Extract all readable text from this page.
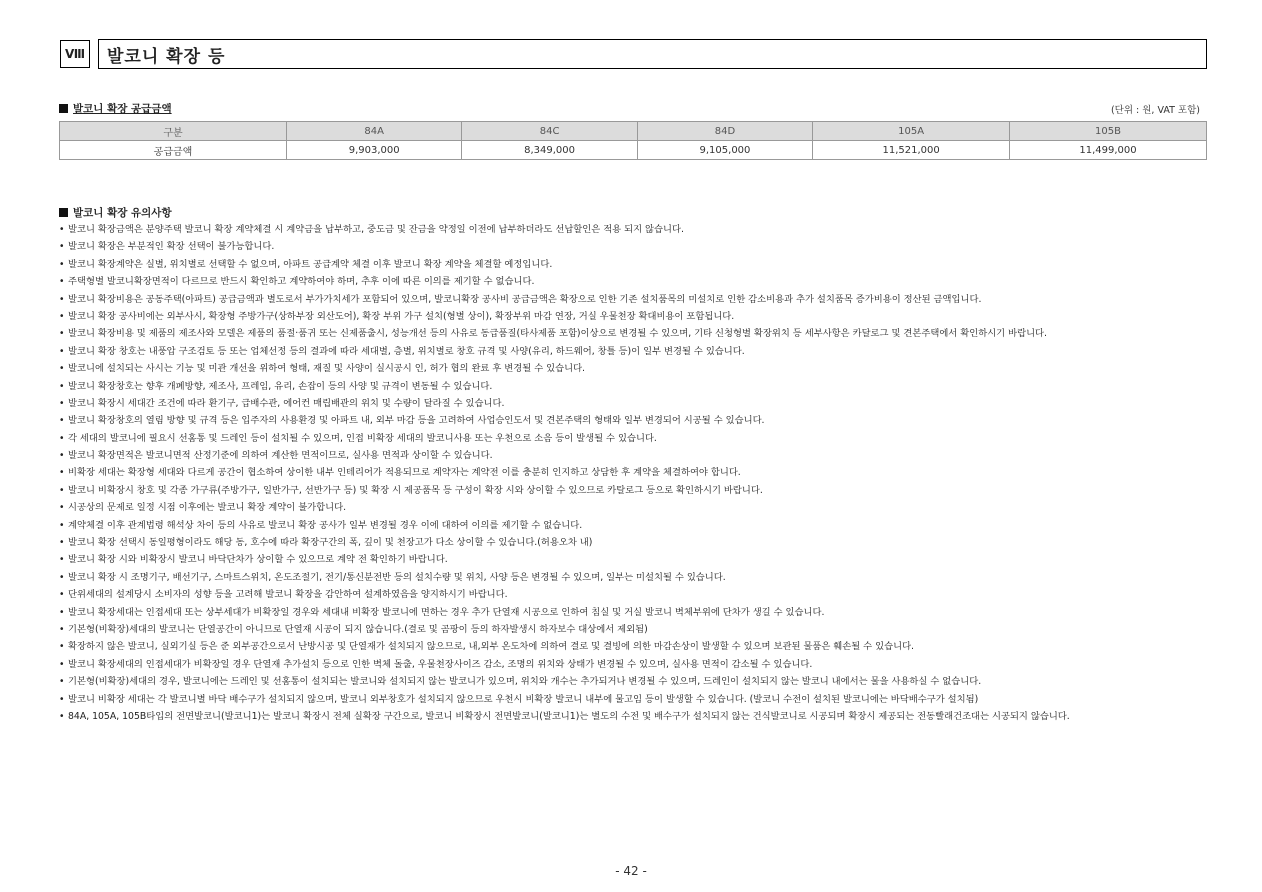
Ⅷ	발코니 확장 등
발코니 확장 공급금액	(단위 : 원, VAT 포함)
구분	84A	84C	84D	105A	105B
공급금액	9,903,000	8,349,000	9,105,000	11,521,000	11,499,000
발코니 확장 유의사항
• 발코니 확장금액은 분양주택 발코니 확장 계약체결 시 계약금을 납부하고, 중도금 및 잔금을 약정일 이전에 납부하더라도 선납할인은 적용 되지 않습니다.
• 발코니 확장은 부분적인 확장 선택이 불가능합니다.
• 발코니 확장계약은 실별, 위치별로 선택할 수 없으며, 아파트 공급계약 체결 이후 발코니 확장 계약을 체결할 예정입니다.
• 주택형별 발코니확장면적이 다르므로 반드시 확인하고 계약하여야 하며, 추후 이에 따른 이의를 제기할 수 없습니다.
• 발코니 확장비용은 공동주택(아파트) 공급금액과 별도로서 부가가치세가 포함되어 있으며, 발코니확장 공사비 공급금액은 확장으로 인한 기존 설치품목의 미설치로 인한 감소비용과 추가 설치품목 증가비용이 정산된 금액입니다.
• 발코니 확장 공사비에는 외부사시, 확장형 주방가구(상하부장 외산도어), 확장 부위 가구 설치(형별 상이), 확장부위 마감 연장, 거실 우물천장 확대비용이 포함됩니다.
• 발코니 확장비용 및 제품의 제조사와 모델은 제품의 품절·품귀 또는 신제품출시, 성능개선 등의 사유로 동급품질(타사제품 포함)이상으로 변경될 수 있으며, 기타 신청형별 확장위치 등 세부사항은 카달로그 및 견본주택에서 확인하시기 바랍니다.
• 발코니 확장 창호는 내풍압 구조검토 등 또는 업체선정 등의 결과에 따라 세대별, 층별, 위치별로 창호 규격 및 사양(유리, 하드웨어, 창틀 등)이 일부 변경될 수 있습니다.
• 발코니에 설치되는 사시는 기능 및 미관 개선을 위하여 형태, 재질 및 사양이 실시공시 인, 허가 협의 완료 후 변경될 수 있습니다.
• 발코니 확장창호는 향후 개폐방향, 제조사, 프레임, 유리, 손잡이 등의 사양 및 규격이 변동될 수 있습니다.
• 발코니 확장시 세대간 조건에 따라 환기구, 급배수관, 에어컨 매립배관의 위치 및 수량이 달라질 수 있습니다.
• 발코니 확장창호의 열림 방향 및 규격 등은 입주자의 사용환경 및 아파트 내, 외부 마감 등을 고려하여 사업승인도서 및 견본주택의 형태와 일부 변경되어 시공될 수 있습니다.
• 각 세대의 발코니에 필요시 선홈통 및 드레인 등이 설치될 수 있으며, 인접 비확장 세대의 발코니사용 또는 우천으로 소음 등이 발생될 수 있습니다.
• 발코니 확장면적은 발코니면적 산정기준에 의하여 계산한 면적이므로, 실사용 면적과 상이할 수 있습니다.
• 비확장 세대는 확장형 세대와 다르게 공간이 협소하여 상이한 내부 인테리어가 적용되므로 계약자는 계약전 이를 충분히 인지하고 상담한 후 계약을 체결하여야 합니다.
• 발코니 비확장시 창호 및 각종 가구류(주방가구, 일반가구, 선반가구 등) 및 확장 시 제공품목 등 구성이 확장 시와 상이할 수 있으므로 카탈로그 등으로 확인하시기 바랍니다.
• 시공상의 문제로 일정 시점 이후에는 발코니 확장 계약이 불가합니다.
• 계약체결 이후 관계법령 해석상 차이 등의 사유로 발코니 확장 공사가 일부 변경될 경우 이에 대하여 이의를 제기할 수 없습니다.
• 발코니 확장 선택시 동일평형이라도 해당 동, 호수에 따라 확장구간의 폭, 깊이 및 천장고가 다소 상이할 수 있습니다.(허용오차 내)
• 발코니 확장 시와 비확장시 발코니 바닥단차가 상이할 수 있으므로 계약 전 확인하기 바랍니다.
• 발코니 확장 시 조명기구, 배선기구, 스마트스위치, 온도조절기, 전기/통신분전반 등의 설치수량 및 위치, 사양 등은 변경될 수 있으며, 일부는 미설치될 수 있습니다.
• 단위세대의 설계당시 소비자의 성향 등을 고려해 발코니 확장을 감안하여 설계하였음을 양지하시기 바랍니다.
• 발코니 확장세대는 인접세대 또는 상부세대가 비확장일 경우와 세대내 비확장 발코니에 면하는 경우 추가 단열재 시공으로 인하여 침실 및 거실 발코니 벽체부위에 단차가 생길 수 있습니다.
• 기본형(비확장)세대의 발코니는 단열공간이 아니므로 단열재 시공이 되지 않습니다.(결로 및 곰팡이 등의 하자발생시 하자보수 대상에서 제외됨)
• 확장하지 않은 발코니, 실외기실 등은 준 외부공간으로서 난방시공 및 단열재가 설치되지 않으므로, 내,외부 온도차에 의하여 결로 및 결빙에 의한 마감손상이 발생할 수 있으며 보관된 물품은 훼손될 수 있습니다.
• 발코니 확장세대의 인접세대가 비확장일 경우 단열재 추가설치 등으로 인한 벽체 돌출, 우물천장사이즈 감소, 조명의 위치와 상태가 변경될 수 있으며, 실사용 면적이 감소될 수 있습니다.
• 기본형(비확장)세대의 경우, 발코니에는 드레인 및 선홈통이 설치되는 발코니와 설치되지 않는 발코니가 있으며, 위치와 개수는 추가되거나 변경될 수 있으며, 드레인이 설치되지 않는 발코니 내에서는 물을 사용하실 수 없습니다.
• 발코니 비확장 세대는 각 발코니별 바닥 배수구가 설치되지 않으며, 발코니 외부창호가 설치되지 않으므로 우천시 비확장 발코니 내부에 물고임 등이 발생할 수 있습니다. (발코니 수전이 설치된 발코니에는 바닥배수구가 설치됨)
• 84A, 105A, 105B타입의 전면발코니(발코니1)는 발코니 확장시 전체 실확장 구간으로, 발코니 비확장시 전면발코니(발코니1)는 별도의 수전 및 배수구가 설치되지 않는 건식발코니로 시공되며 확장시 제공되는 전동빨래건조대는 시공되지 않습니다.
- 42 -
